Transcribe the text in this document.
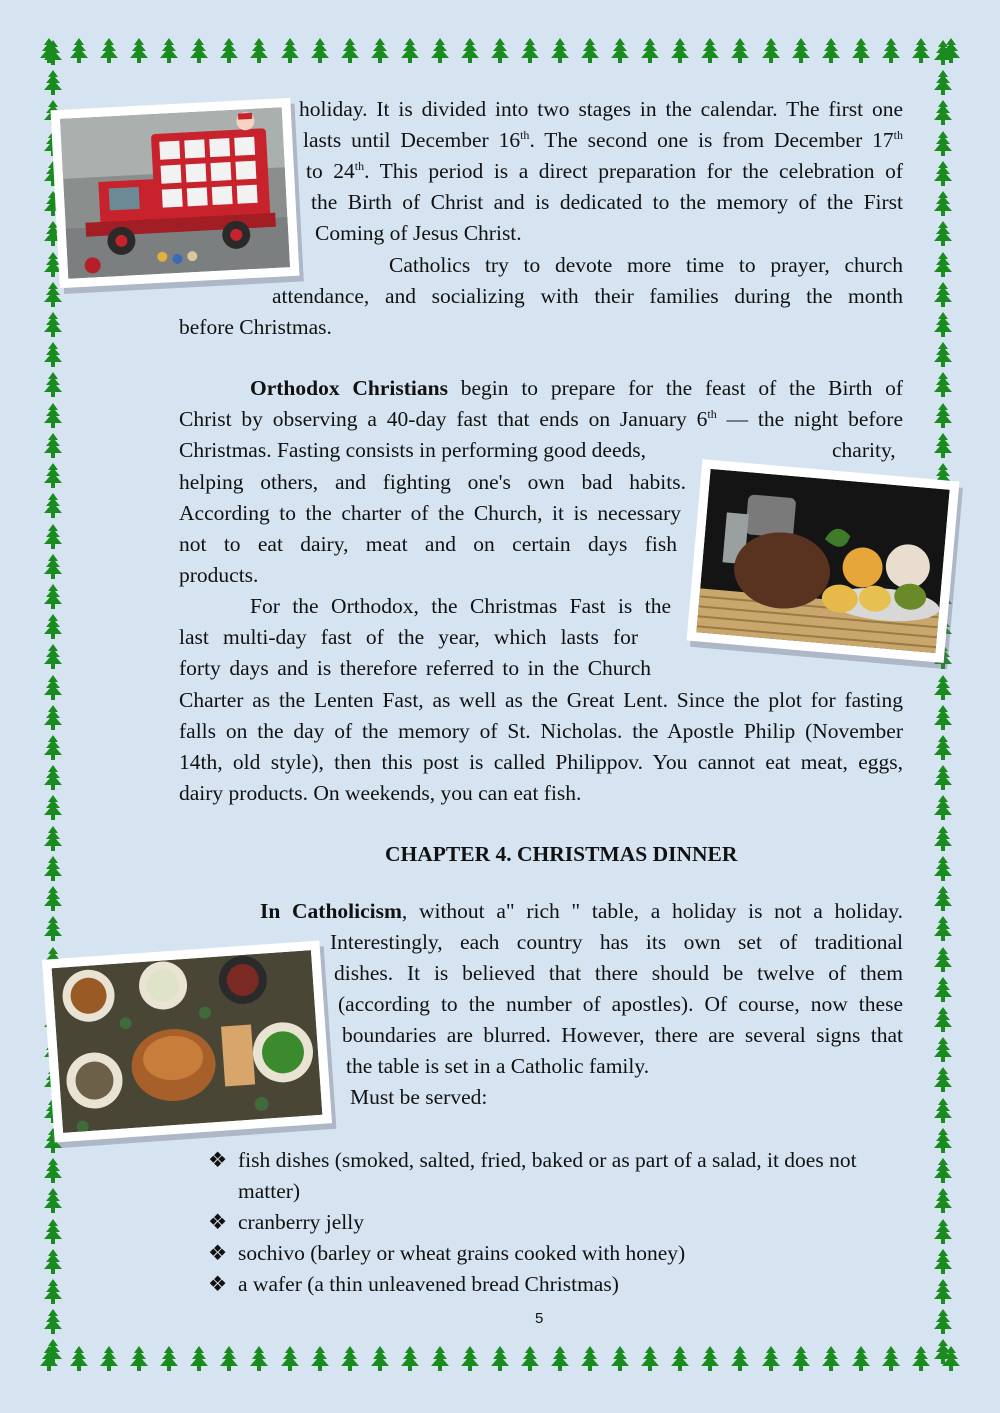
holiday. It is divided into two stages in the calendar. The first one
lasts until December 16th. The second one is from December 17th
to 24th. This period is a direct preparation for the celebration of
the Birth of Christ and is dedicated to the memory of the First
Coming of Jesus Christ.
Catholics try to devote more time to prayer, church
attendance, and socializing with their families during the month
before Christmas.
Orthodox Christians begin to prepare for the feast of the Birth of
Christ by observing a 40-day fast that ends on January 6th — the night before
Christmas. Fasting consists in performing good deeds,	charity,
helping others, and fighting one's own bad habits.
According to the charter of the Church, it is necessary
not to eat dairy, meat and on certain days fish
products.
For the Orthodox, the Christmas Fast is the
last multi-day fast of the year, which lasts for
forty days and is therefore referred to in the Church
Charter as the Lenten Fast, as well as the Great Lent. Since the plot for fasting
falls on the day of the memory of St. Nicholas. the Apostle Philip (November
14th, old style), then this post is called Philippov. You cannot eat meat, eggs,
dairy products. On weekends, you can eat fish.
CHAPTER 4. CHRISTMAS DINNER
In Catholicism, without a" rich " table, a holiday is not a holiday.
Interestingly, each country has its own set of traditional
dishes. It is believed that there should be twelve of them
(according to the number of apostles). Of course, now these
boundaries are blurred. However, there are several signs that
the table is set in a Catholic family.
Must be served:
❖ fish dishes (smoked, salted, fried, baked or as part of a salad, it does not
matter)
❖ cranberry jelly
❖ sochivo (barley or wheat grains cooked with honey)
❖ a wafer (a thin unleavened bread Christmas)
5
